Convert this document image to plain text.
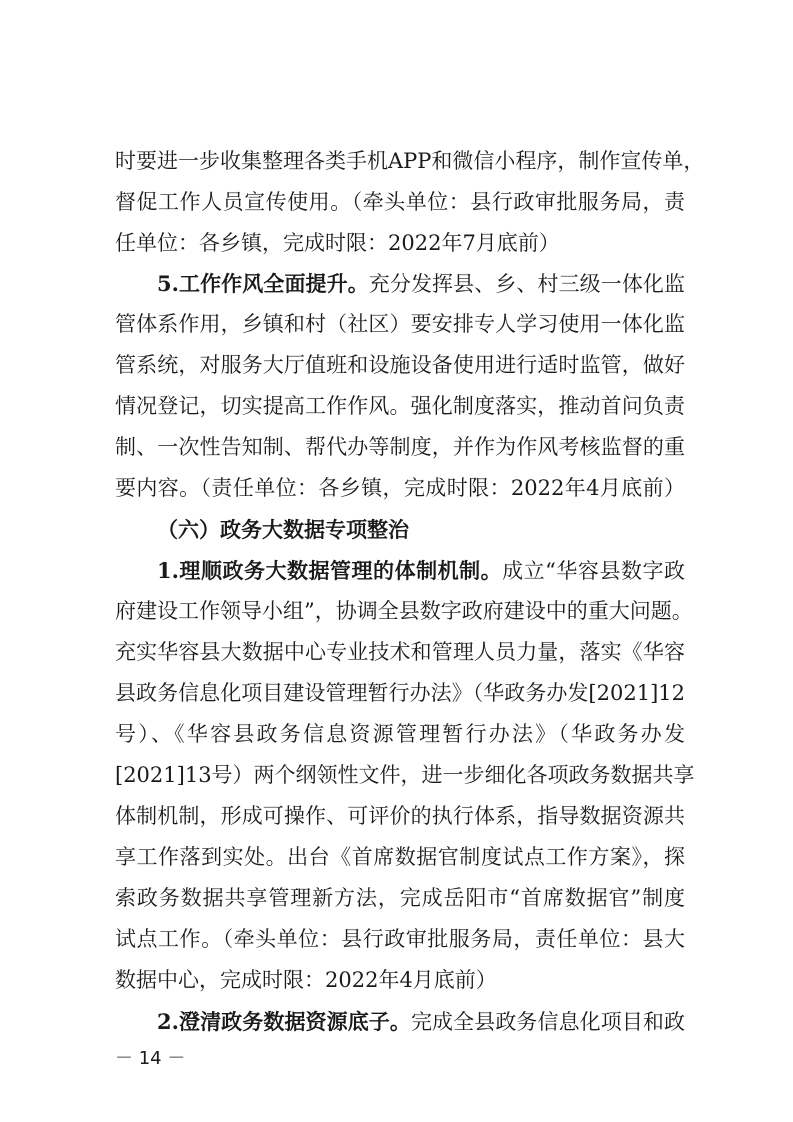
时要进一步收集整理各类手机APP和微信小程序，制作宣传单，
督促工作人员宣传使用。（牵头单位：县行政审批服务局，责
任单位：各乡镇，完成时限：2022年7月底前）
5.工作作风全面提升。充分发挥县、乡、村三级一体化监
管体系作用，乡镇和村（社区）要安排专人学习使用一体化监
管系统，对服务大厅值班和设施设备使用进行适时监管，做好
情况登记，切实提高工作作风。强化制度落实，推动首问负责
制、一次性告知制、帮代办等制度，并作为作风考核监督的重
要内容。（责任单位：各乡镇，完成时限：2022年4月底前）
（六）政务大数据专项整治
1.理顺政务大数据管理的体制机制。成立“华容县数字政
府建设工作领导小组”，协调全县数字政府建设中的重大问题。
充实华容县大数据中心专业技术和管理人员力量，落实《华容
县政务信息化项目建设管理暂行办法》（华政务办发[2021]12
号）、《华容县政务信息资源管理暂行办法》（华政务办发
[2021]13号）两个纲领性文件，进一步细化各项政务数据共享
体制机制，形成可操作、可评价的执行体系，指导数据资源共
享工作落到实处。出台《首席数据官制度试点工作方案》，探
索政务数据共享管理新方法，完成岳阳市“首席数据官”制度
试点工作。（牵头单位：县行政审批服务局，责任单位：县大
数据中心，完成时限：2022年4月底前）
2.澄清政务数据资源底子。完成全县政务信息化项目和政
－ 14 －
